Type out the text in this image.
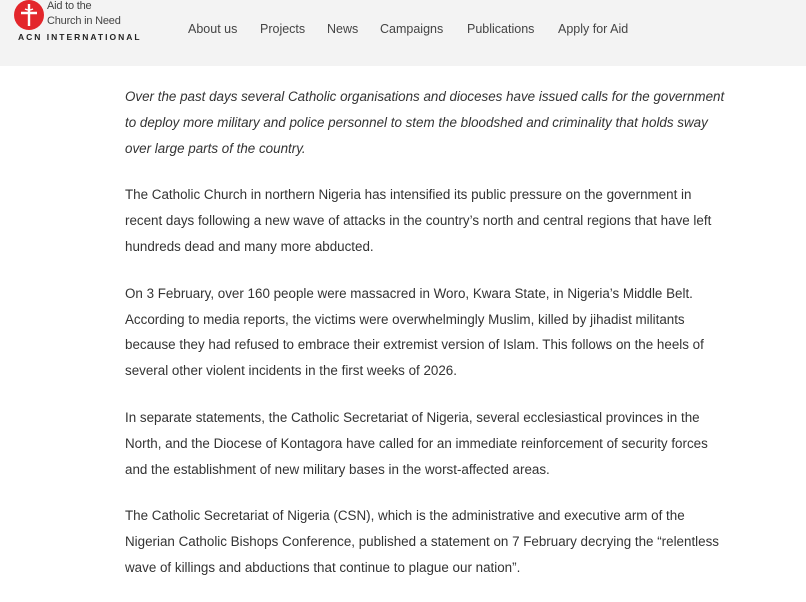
Aid to the
Church in Need
ACN INTERNATIONAL
About us Projects News Campaigns Publications Apply for Aid

Over the past days several Catholic organisations and dioceses have issued calls for the government to deploy more military and police personnel to stem the bloodshed and criminality that holds sway over large parts of the country.

The Catholic Church in northern Nigeria has intensified its public pressure on the government in recent days following a new wave of attacks in the country’s north and central regions that have left hundreds dead and many more abducted.

On 3 February, over 160 people were massacred in Woro, Kwara State, in Nigeria’s Middle Belt. According to media reports, the victims were overwhelmingly Muslim, killed by jihadist militants because they had refused to embrace their extremist version of Islam. This follows on the heels of several other violent incidents in the first weeks of 2026.

In separate statements, the Catholic Secretariat of Nigeria, several ecclesiastical provinces in the North, and the Diocese of Kontagora have called for an immediate reinforcement of security forces and the establishment of new military bases in the worst-affected areas.

The Catholic Secretariat of Nigeria (CSN), which is the administrative and executive arm of the Nigerian Catholic Bishops Conference, published a statement on 7 February decrying the “relentless wave of killings and abductions that continue to plague our nation”.
